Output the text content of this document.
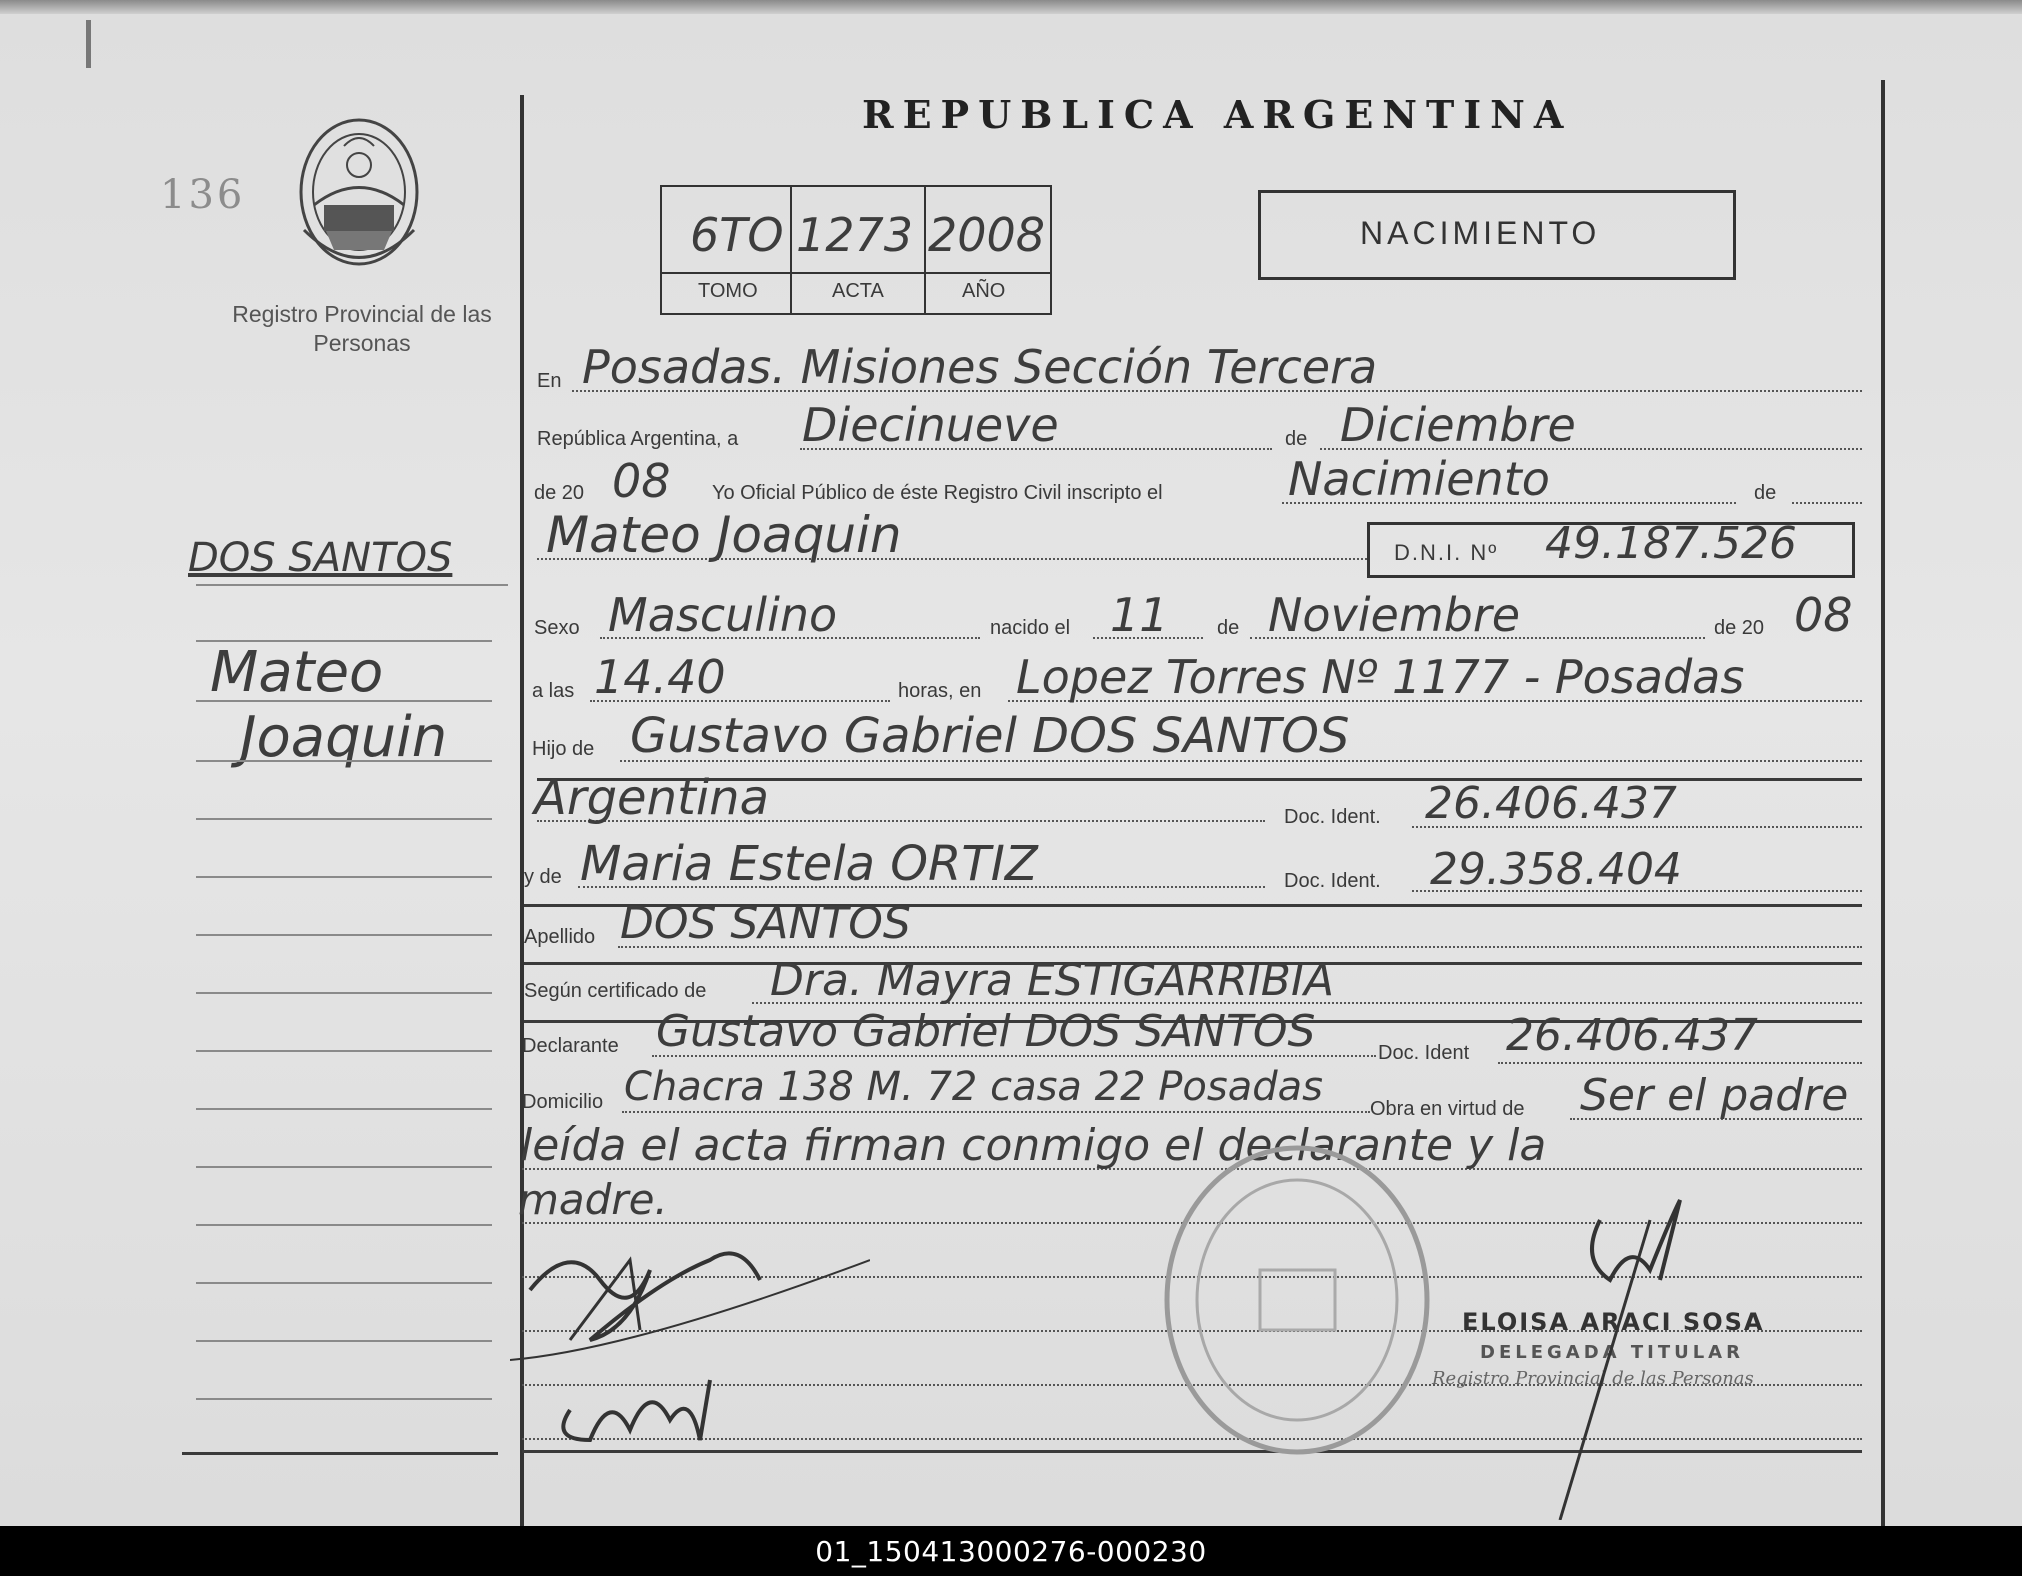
136
Registro Provincial de las Personas
REPUBLICA ARGENTINA
6TO 1273 2008
TOMO	ACTA	AÑO
NACIMIENTO
En Posadas. Misiones Sección Tercera
República Argentina, a Diecinueve	de Diciembre
de 20 08 Yo Oficial Público de éste Registro Civil inscripto el	Nacimiento	de
Mateo Joaquin	D.N.I. Nº 49.187.526
Sexo Masculino	nacido el 11 de Noviembre	de 20 08
a las 14.40	horas, en Lopez Torres Nº 1177 - Posadas
Hijo de Gustavo Gabriel DOS SANTOS
Argentina	Doc. Ident. 26.406.437
y de Maria Estela ORTIZ	Doc. Ident. 29.358.404
Apellido DOS SANTOS
Según certificado de Dra. Mayra ESTIGARRIBIA
Declarante Gustavo Gabriel DOS SANTOS	Doc. Ident 26.406.437
Domicilio Chacra 138 M. 72 casa 22 Posadas Obra en virtud de Ser el padre
leída el acta firman conmigo el declarante y la
madre.
DOS SANTOS
Mateo
Joaquin
ELOISA ARACI SOSA
DELEGADA TITULAR
Registro Provincial de las Personas
01_150413000276-000230
